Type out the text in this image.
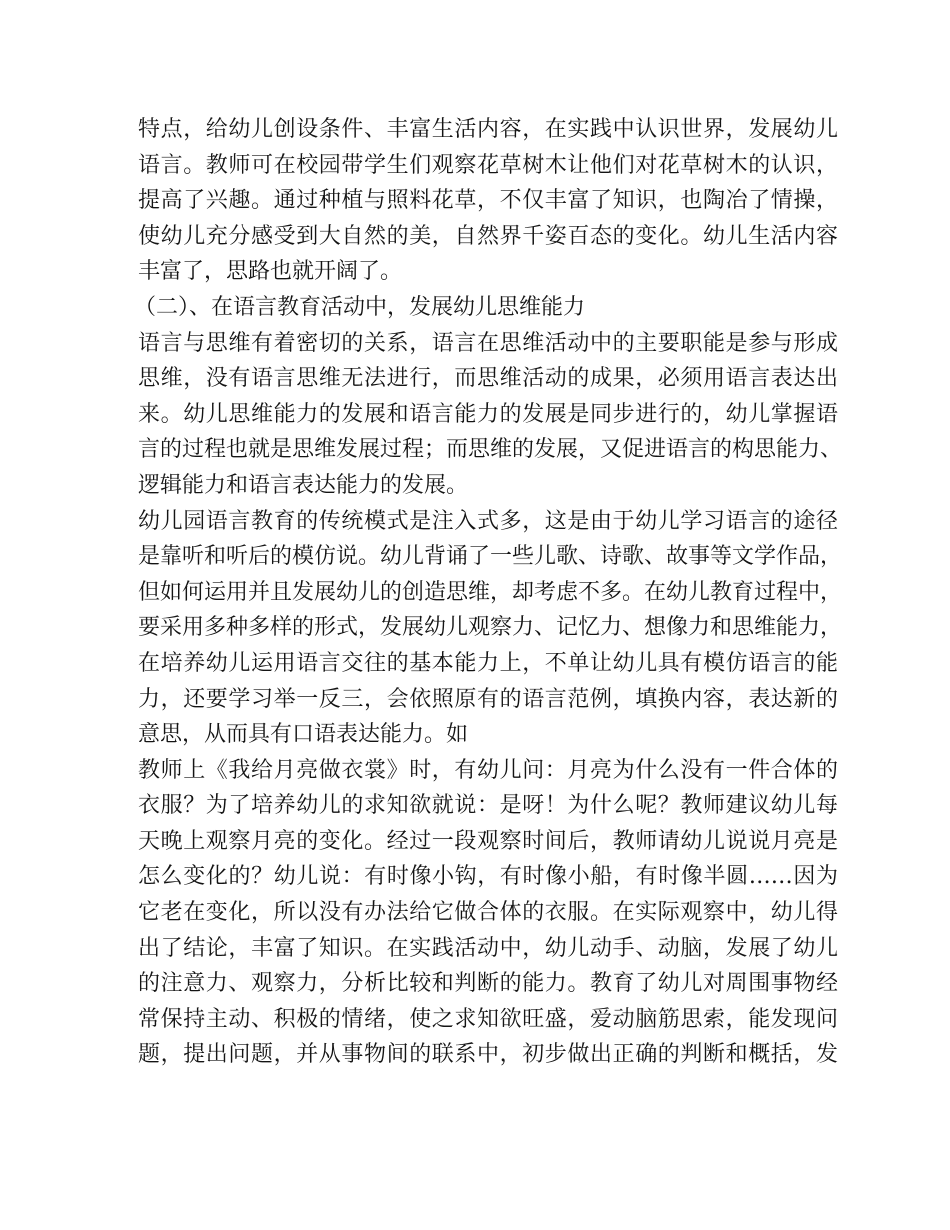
特点，给幼儿创设条件、丰富生活内容，在实践中认识世界，发展幼儿
语言。教师可在校园带学生们观察花草树木让他们对花草树木的认识，
提高了兴趣。通过种植与照料花草，不仅丰富了知识，也陶冶了情操，
使幼儿充分感受到大自然的美，自然界千姿百态的变化。幼儿生活内容
丰富了，思路也就开阔了。
（二）、在语言教育活动中，发展幼儿思维能力
语言与思维有着密切的关系，语言在思维活动中的主要职能是参与形成
思维，没有语言思维无法进行，而思维活动的成果，必须用语言表达出
来。幼儿思维能力的发展和语言能力的发展是同步进行的，幼儿掌握语
言的过程也就是思维发展过程；而思维的发展，又促进语言的构思能力、
逻辑能力和语言表达能力的发展。
幼儿园语言教育的传统模式是注入式多，这是由于幼儿学习语言的途径
是靠听和听后的模仿说。幼儿背诵了一些儿歌、诗歌、故事等文学作品，
但如何运用并且发展幼儿的创造思维，却考虑不多。在幼儿教育过程中，
要采用多种多样的形式，发展幼儿观察力、记忆力、想像力和思维能力，
在培养幼儿运用语言交往的基本能力上，不单让幼儿具有模仿语言的能
力，还要学习举一反三，会依照原有的语言范例，填换内容，表达新的
意思，从而具有口语表达能力。如
教师上《我给月亮做衣裳》时，有幼儿问：月亮为什么没有一件合体的
衣服？为了培养幼儿的求知欲就说：是呀！为什么呢？教师建议幼儿每
天晚上观察月亮的变化。经过一段观察时间后，教师请幼儿说说月亮是
怎么变化的？幼儿说：有时像小钩，有时像小船，有时像半圆……因为
它老在变化，所以没有办法给它做合体的衣服。在实际观察中，幼儿得
出了结论，丰富了知识。在实践活动中，幼儿动手、动脑，发展了幼儿
的注意力、观察力，分析比较和判断的能力。教育了幼儿对周围事物经
常保持主动、积极的情绪，使之求知欲旺盛，爱动脑筋思索，能发现问
题，提出问题，并从事物间的联系中，初步做出正确的判断和概括，发
